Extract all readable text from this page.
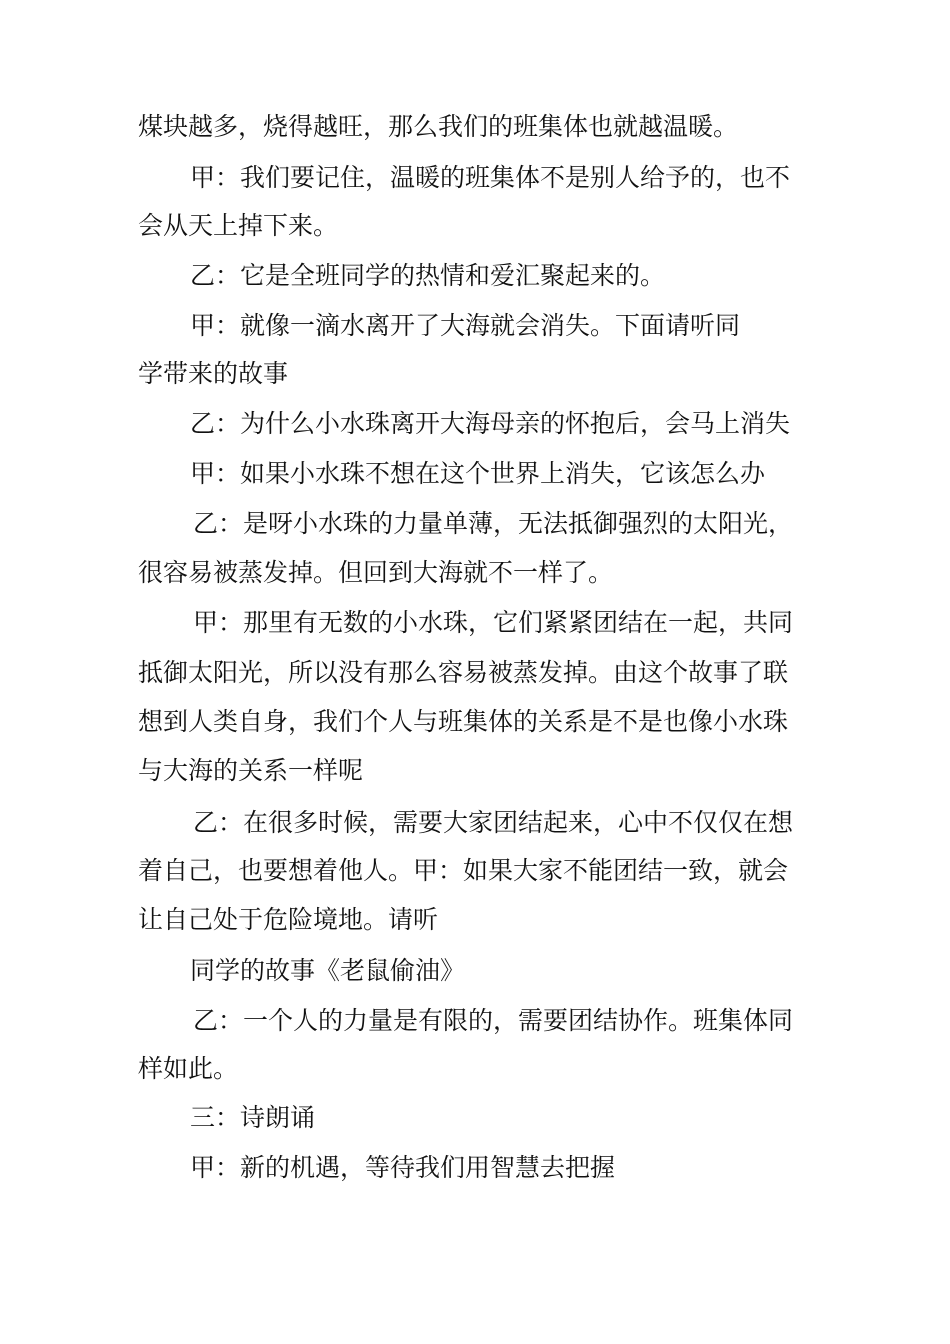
煤块越多，烧得越旺，那么我们的班集体也就越温暖。
甲：我们要记住，温暖的班集体不是别人给予的，也不
会从天上掉下来。
乙：它是全班同学的热情和爱汇聚起来的。
甲：就像一滴水离开了大海就会消失。下面请听同
学带来的故事
乙：为什么小水珠离开大海母亲的怀抱后，会马上消失
甲：如果小水珠不想在这个世界上消失，它该怎么办
乙：是呀小水珠的力量单薄，无法抵御强烈的太阳光，
很容易被蒸发掉。但回到大海就不一样了。
甲：那里有无数的小水珠，它们紧紧团结在一起，共同
抵御太阳光，所以没有那么容易被蒸发掉。由这个故事了联
想到人类自身，我们个人与班集体的关系是不是也像小水珠
与大海的关系一样呢
乙：在很多时候，需要大家团结起来，心中不仅仅在想
着自己，也要想着他人。甲：如果大家不能团结一致，就会
让自己处于危险境地。请听
同学的故事《老鼠偷油》
乙：一个人的力量是有限的，需要团结协作。班集体同
样如此。
三：诗朗诵
甲：新的机遇，等待我们用智慧去把握
